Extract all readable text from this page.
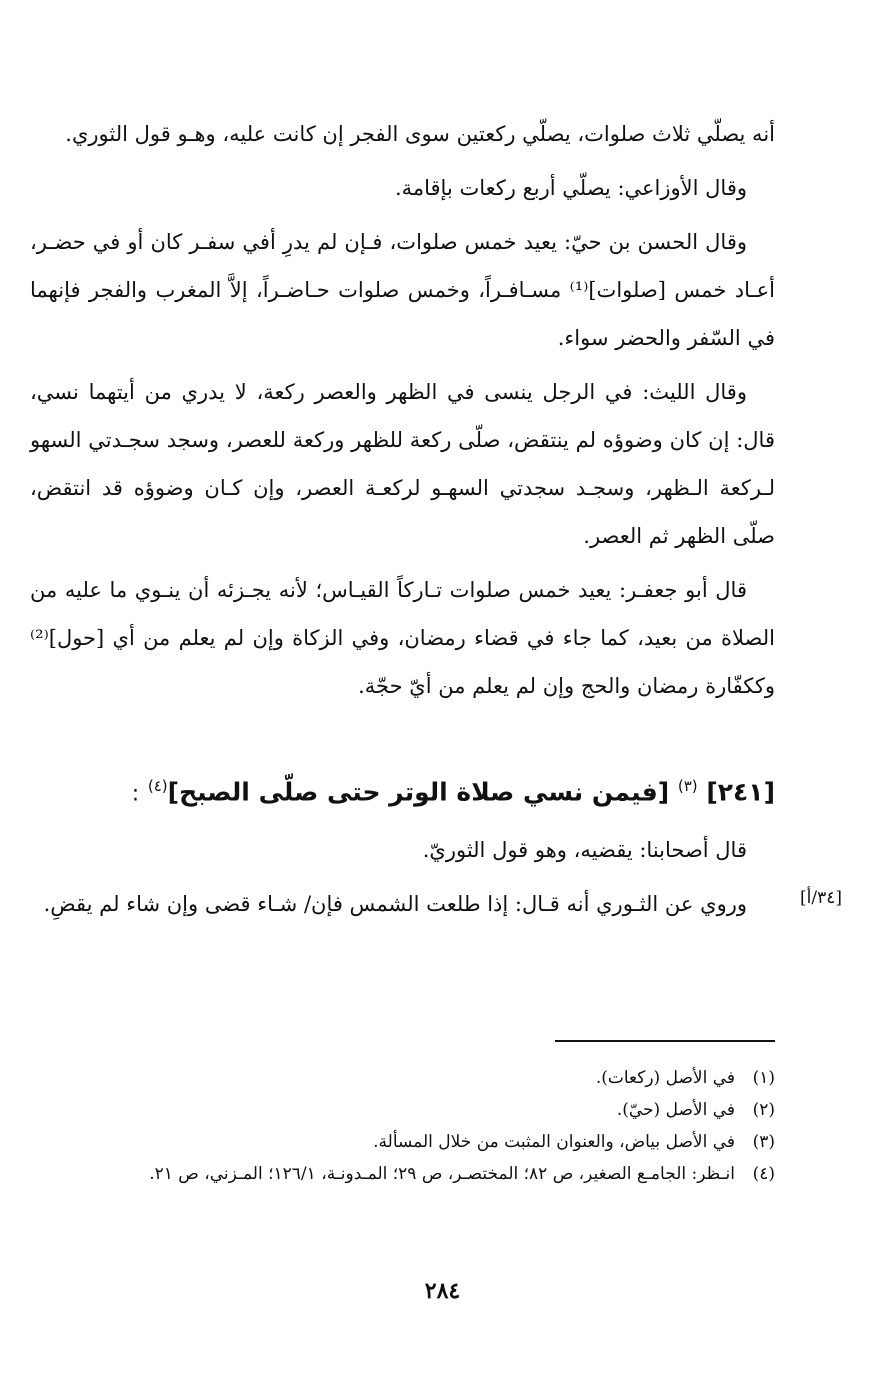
أنه يصلّي ثلاث صلوات، يصلّي ركعتين سوى الفجر إن كانت عليه، وهـو قول الثوري.

وقال الأوزاعي: يصلّي أربع ركعات بإقامة.

وقال الحسن بن حيّ: يعيد خمس صلوات، فـإن لم يدرِ أفي سفـر كان أو في حضـر، أعـاد خمس [صلوات]⁽¹⁾ مسـافـراً، وخمس صلوات حـاضـراً، إلاَّ المغرب والفجر فإنهما في السّفر والحضر سواء.

وقال الليث: في الرجل ينسى في الظهر والعصر ركعة، لا يدري من أيتهما نسي، قال: إن كان وضوؤه لم ينتقض، صلّى ركعة للظهر وركعة للعصر، وسجد سجـدتي السهو لـركعة الـظهر، وسجـد سجدتي السهـو لركعـة العصر، وإن كـان وضوؤه قد انتقض، صلّى الظهر ثم العصر.

قال أبو جعفـر: يعيد خمس صلوات تـاركاً القيـاس؛ لأنه يجـزئه أن ينـوي ما عليه من الصلاة من بعيد، كما جاء في قضاء رمضان، وفي الزكاة وإن لم يعلم من أي [حول]⁽²⁾ وككفّارة رمضان والحج وإن لم يعلم من أيّ حجّة.

[٢٤١] $^{(٣)}$ [فيمن نسي صلاة الوتر حتى صلّى الصبح]$^{(٤)}$ :

قال أصحابنا: يقضيه، وهو قول الثوريّ.

وروي عن الثـوري أنه قـال: إذا طلعت الشمس فإن/ شـاء قضى وإن شاء لم يقضِ.	[٣٤/أ]
(١)
في الأصل (ركعات).
(٢)
في الأصل (حيّ).
(٣)
في الأصل بياض، والعنوان المثبت من خلال المسألة.
(٤)
انـظر: الجامـع الصغير، ص ٨٢؛ المختصـر، ص ٢٩؛ المـدونـة، ١٢٦/١؛ المـزني، ص ٢١.
٢٨٤
